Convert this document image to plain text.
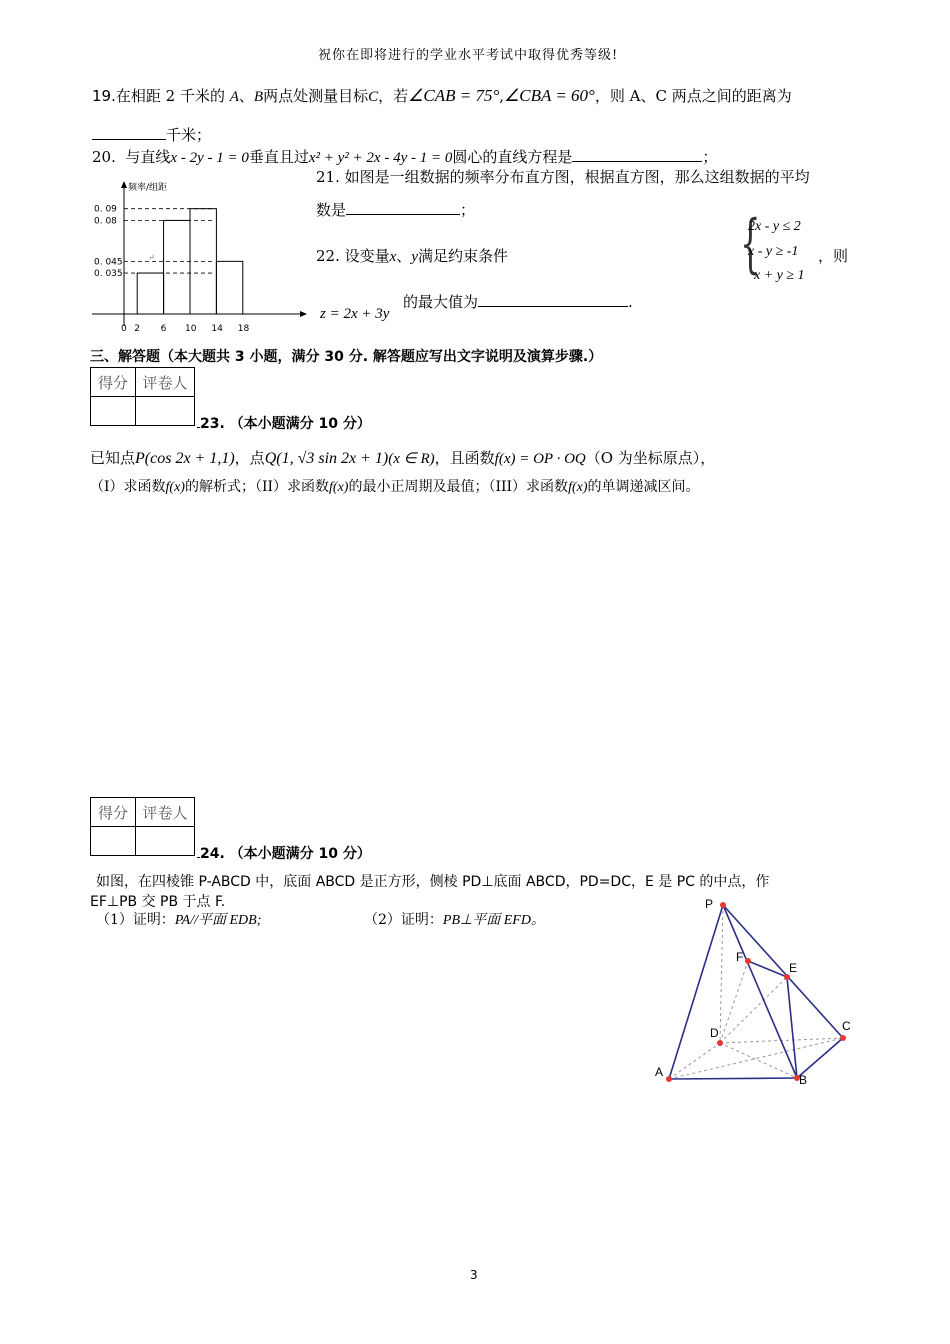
祝你在即将进行的学业水平考试中取得优秀等级!
19.在相距 2 千米的 A、B两点处测量目标C，若∠CAB = 75°,∠CBA = 60°，则 A、C 两点之间的距离为
千米；
20. 与直线x - 2y - 1 = 0垂直且过x² + y² + 2x - 4y - 1 = 0圆心的直线方程是	；
频率/组距
0. 09
0. 08
0. 045
0. 035
0 2 6 10 14 18
↵
21. 如图是一组数据的频率分布直方图，根据直方图，那么这组数据的平均
数是	；
22. 设变量x、y满足约束条件	{
2x - y ≤ 2
x - y ≥ -1
x + y ≥ 1
，则
的最大值为	.
z = 2x + 3y
三、解答题（本大题共 3 小题，满分 30 分. 解答题应写出文字说明及演算步骤.）
得分	评卷人

23. （本小题满分 10 分）
已知点P(cos 2x + 1,1)，点Q(1, √3 sin 2x + 1)(x ∈ R)，且函数f(x) = OP · OQ（O 为坐标原点），
（I）求函数f(x)的解析式；（II）求函数f(x)的最小正周期及最值；（III）求函数f(x)的单调递减区间。
得分	评卷人

24. （本小题满分 10 分）
如图，在四棱锥 P-ABCD 中，底面 ABCD 是正方形，侧棱 PD⊥底面 ABCD，PD=DC，E 是 PC 的中点，作
EF⊥PB 交 PB 于点 F.
（1）证明：PA//平面 EDB;	（2）证明：PB⊥平面 EFD。
P
F
E
D	C
A
B
3
